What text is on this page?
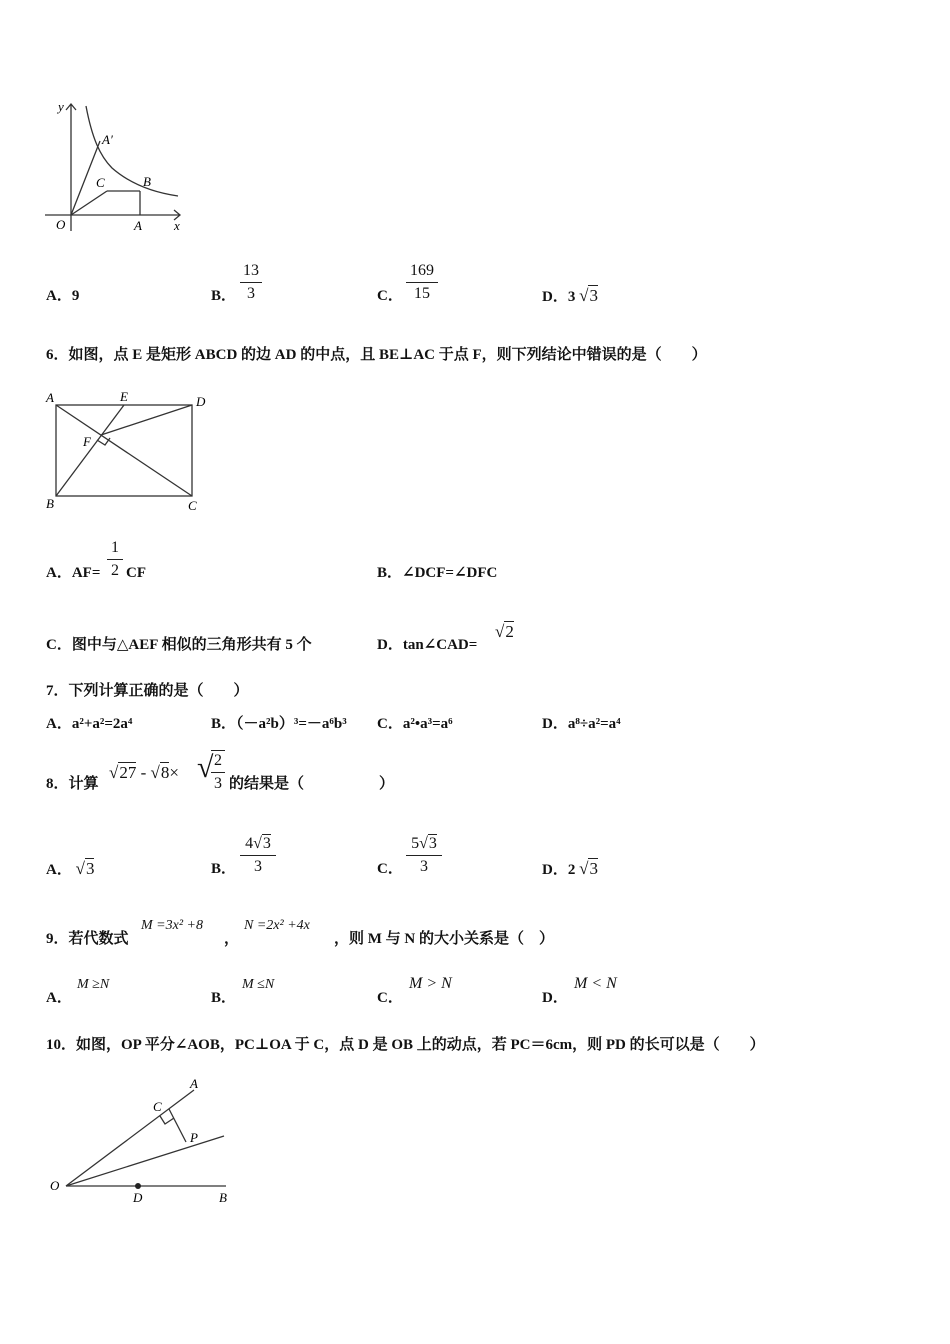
y
x
O
A′
C	B
A
A．9	B．
13
3	C．
169
15	D．3 √3
6．如图，点 E 是矩形 ABCD 的边 AD 的中点，且 BE⊥AC 于点 F，则下列结论中错误的是（　　）
A	E	D
F
B	C
A．AF=
1
2 CF	B．∠DCF=∠DFC
C．图中与△AEF 相似的三角形共有 5 个	D．tan∠CAD=
√2
7．下列计算正确的是（　　）
A．a²+a²=2a⁴	B．（－a²b）³=－a⁶b³ C．a²•a³=a⁶	D．a⁸÷a²=a⁴
8．计算
√27 - √8× √ 2
3 的结果是（　　　　　）
A． √3	B．
4√3
3	C．
5√3
3	D．2 √3
9．若代数式
M =3x² +8
，
N =2x² +4x
，则 M 与 N 的大小关系是（　）
A．
M ≥N
B．
M ≤N
C．
M > N
D．
M < N
10．如图，OP 平分∠AOB，PC⊥OA 于 C，点 D 是 OB 上的动点，若 PC＝6cm，则 PD 的长可以是（　　）
A
C
P
O
D	B
